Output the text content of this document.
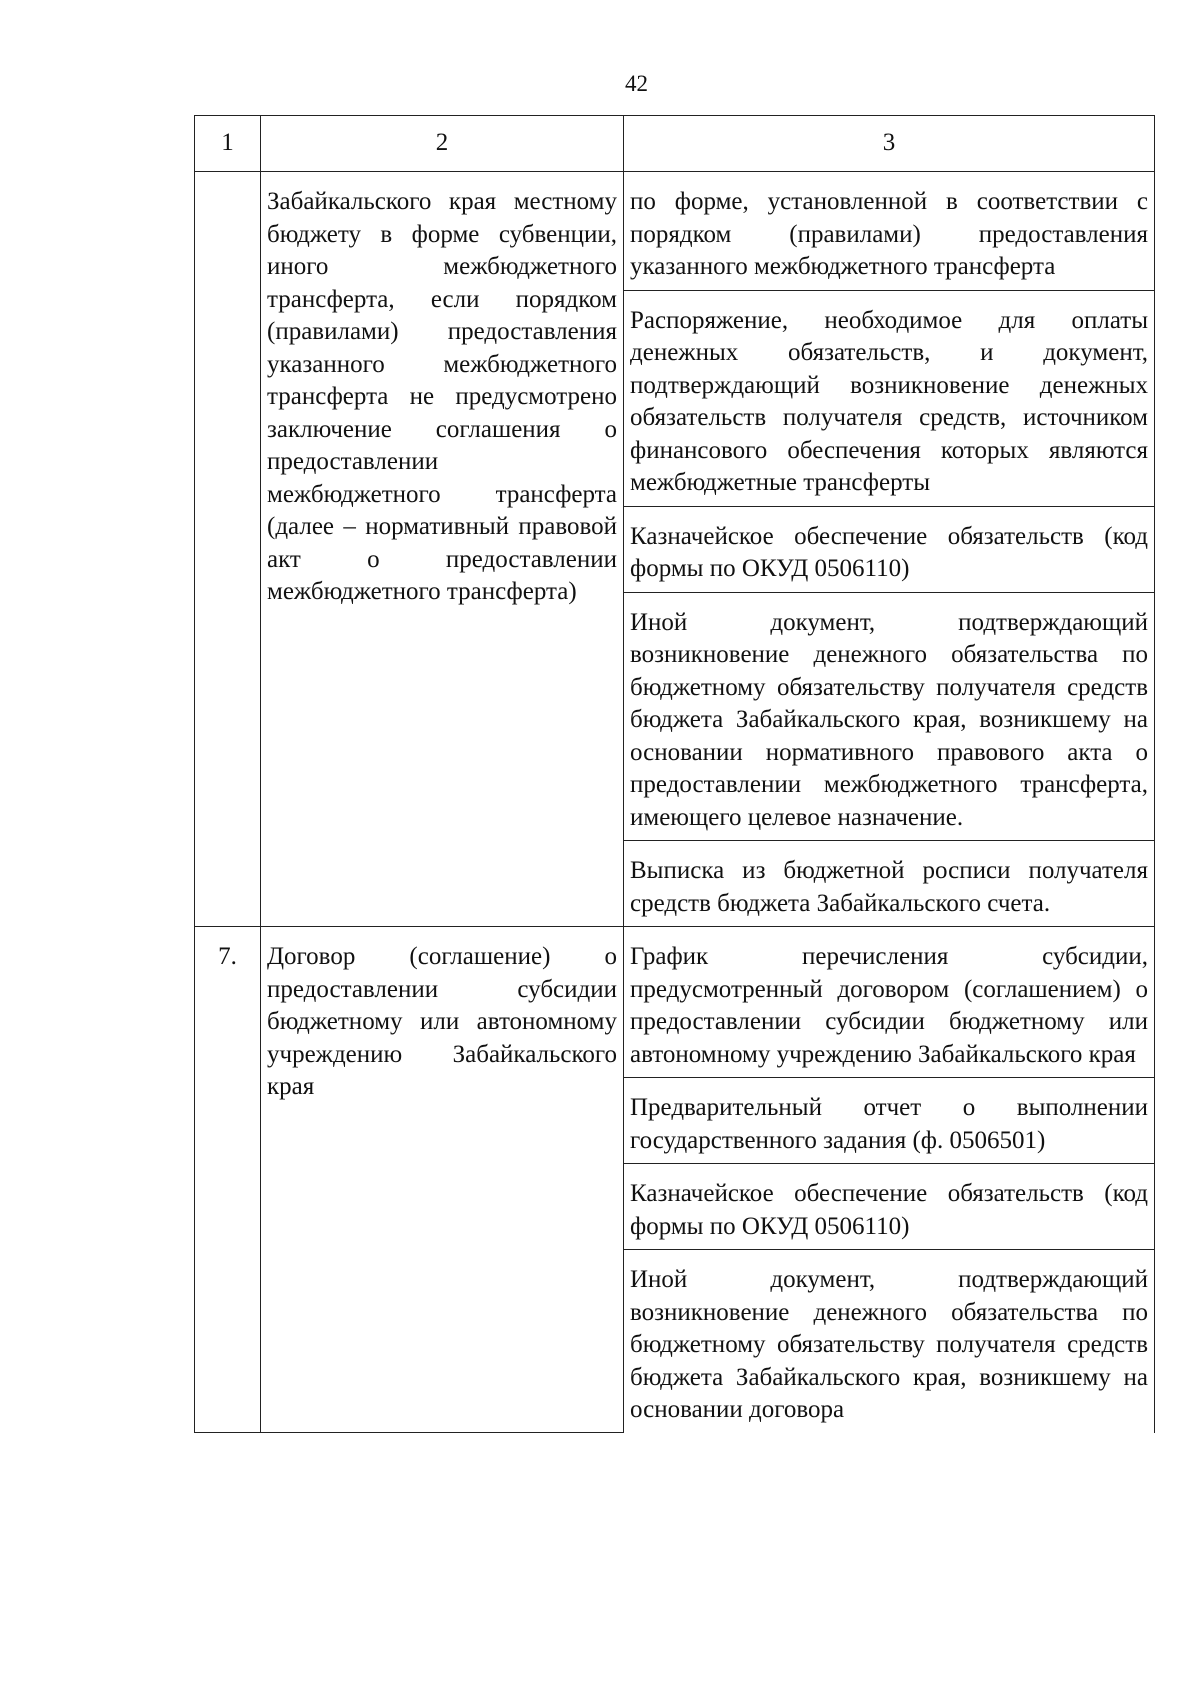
42
1	2	3

	Забайкальского края местному бюджету в форме субвенции, иного межбюджетного трансферта, если порядком (правилами) предоставления указанного межбюджетного трансферта не предусмотрено заключение соглашения о предоставлении межбюджетного трансферта (далее – нормативный правовой акт о предоставлении межбюджетного трансферта)	по форме, установленной в соответствии с порядком (правилами) предоставления указанного межбюджетного трансферта

		Распоряжение, необходимое для оплаты денежных обязательств, и документ, подтверждающий возникновение денежных обязательств получателя средств, источником финансового обеспечения которых являются межбюджетные трансферты

		Казначейское обеспечение обязательств (код формы по ОКУД 0506110)

		Иной документ, подтверждающий возникновение денежного обязательства по бюджетному обязательству получателя средств бюджета Забайкальского края, возникшему на основании нормативного правового акта о предоставлении межбюджетного трансферта, имеющего целевое назначение.

		Выписка из бюджетной росписи получателя средств бюджета Забайкальского счета.

7.	Договор (соглашение) о предоставлении субсидии бюджетному или автономному учреждению Забайкальского края	График перечисления субсидии, предусмотренный договором (соглашением) о предоставлении субсидии бюджетному или автономному учреждению Забайкальского края

		Предварительный отчет о выполнении государственного задания (ф. 0506501)

		Казначейское обеспечение обязательств (код формы по ОКУД 0506110)

		Иной документ, подтверждающий возникновение денежного обязательства по бюджетному обязательству получателя средств бюджета Забайкальского края, возникшему на основании договора
